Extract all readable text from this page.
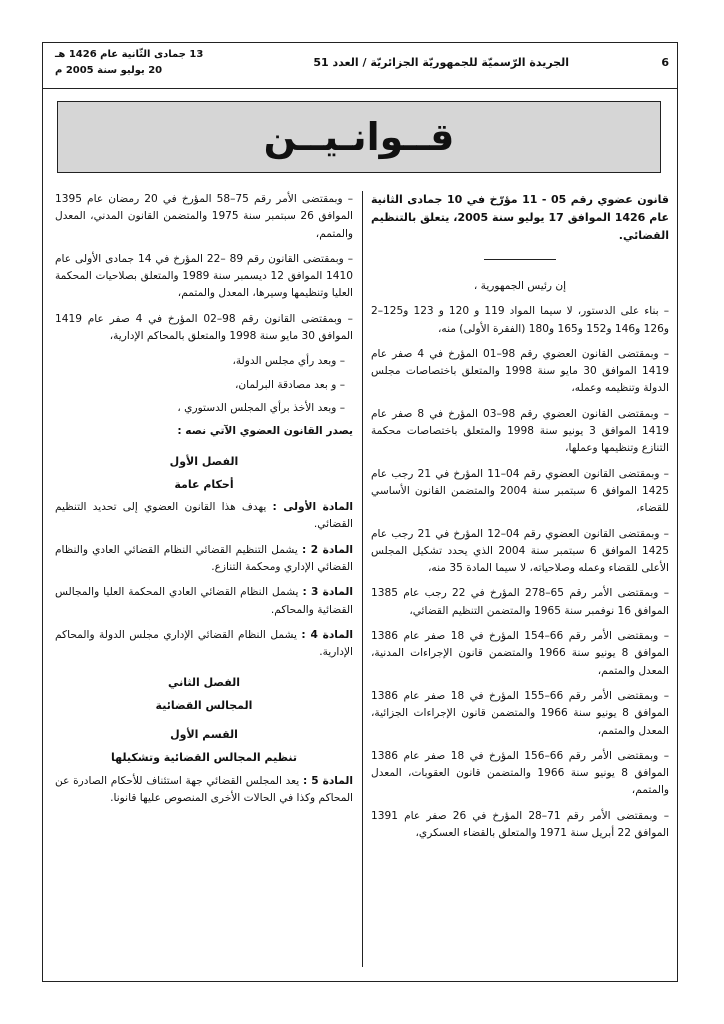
6
الجريدة الرّسميّة للجمهوريّة الجزائريّة / العدد 51
13 جمادى الثّانية عام 1426 هـ
20 يوليو سنة 2005 م
قــوانـيــن

قانون عضوي رقم 05 - 11 مؤرّخ في 10 جمادى الثانية عام 1426 الموافق 17 يوليو سنة 2005، يتعلق بالتنظيم القضائي.

إن رئيس الجمهورية ،

– بناء على الدستور، لا سيما المواد 119 و 120 و 123 و125–2 و126 و146 و152 و165 و180 (الفقرة الأولى) منه،

– وبمقتضى القانون العضوي رقم 98–01 المؤرخ في 4 صفر عام 1419 الموافق 30 مايو سنة 1998 والمتعلق باختصاصات مجلس الدولة وتنظيمه وعمله،

– وبمقتضى القانون العضوي رقم 98–03 المؤرخ في 8 صفر عام 1419 الموافق 3 يونيو سنة 1998 والمتعلق باختصاصات محكمة التنازع وتنظيمها وعملها،

– وبمقتضى القانون العضوي رقم 04–11 المؤرخ في 21 رجب عام 1425 الموافق 6 سبتمبر سنة 2004 والمتضمن القانون الأساسي للقضاء،

– وبمقتضى القانون العضوي رقم 04–12 المؤرخ في 21 رجب عام 1425 الموافق 6 سبتمبر سنة 2004 الذي يحدد تشكيل المجلس الأعلى للقضاء وعمله وصلاحياته، لا سيما المادة 35 منه،

– وبمقتضى الأمر رقم 65–278 المؤرخ في 22 رجب عام 1385 الموافق 16 نوفمبر سنة 1965 والمتضمن التنظيم القضائي،

– وبمقتضى الأمر رقم 66–154 المؤرخ في 18 صفر عام 1386 الموافق 8 يونيو سنة 1966 والمتضمن قانون الإجراءات المدنية، المعدل والمتمم،

– وبمقتضى الأمر رقم 66–155 المؤرخ في 18 صفر عام 1386 الموافق 8 يونيو سنة 1966 والمتضمن قانون الإجراءات الجزائية، المعدل والمتمم،

– وبمقتضى الأمر رقم 66–156 المؤرخ في 18 صفر عام 1386 الموافق 8 يونيو سنة 1966 والمتضمن قانون العقوبات، المعدل والمتمم،

– وبمقتضى الأمر رقم 71–28 المؤرخ في 26 صفر عام 1391 الموافق 22 أبريل سنة 1971 والمتعلق بالقضاء العسكري،

– وبمقتضى الأمر رقم 75–58 المؤرخ في 20 رمضان عام 1395 الموافق 26 سبتمبر سنة 1975 والمتضمن القانون المدني، المعدل والمتمم،

– وبمقتضى القانون رقم 89 –22 المؤرخ في 14 جمادى الأولى عام 1410 الموافق 12 ديسمبر سنة 1989 والمتعلق بصلاحيات المحكمة العليا وتنظيمها وسيرها، المعدل والمتمم،

– وبمقتضى القانون رقم 98–02 المؤرخ في 4 صفر عام 1419 الموافق 30 مايو سنة 1998 والمتعلق بالمحاكم الإدارية،

– وبعد رأي مجلس الدولة،

– و بعد مصادقة البرلمان،

– وبعد الأخذ برأي المجلس الدستوري ،

يصدر القانون العضوي الآتي نصه :

الفصل الأول

أحكام عامة

المادة الأولى : يهدف هذا القانون العضوي إلى تحديد التنظيم القضائي.

المادة 2 : يشمل التنظيم القضائي النظام القضائي العادي والنظام القضائي الإداري ومحكمة التنازع.

المادة 3 : يشمل النظام القضائي العادي المحكمة العليا والمجالس القضائية والمحاكم.

المادة 4 : يشمل النظام القضائي الإداري مجلس الدولة والمحاكم الإدارية.

الفصل الثاني

المجالس القضائية

القسم الأول

تنظيم المجالس القضائية وتشكيلها

المادة 5 : يعد المجلس القضائي جهة استئناف للأحكام الصادرة عن المحاكم وكذا في الحالات الأخرى المنصوص عليها قانونا.
